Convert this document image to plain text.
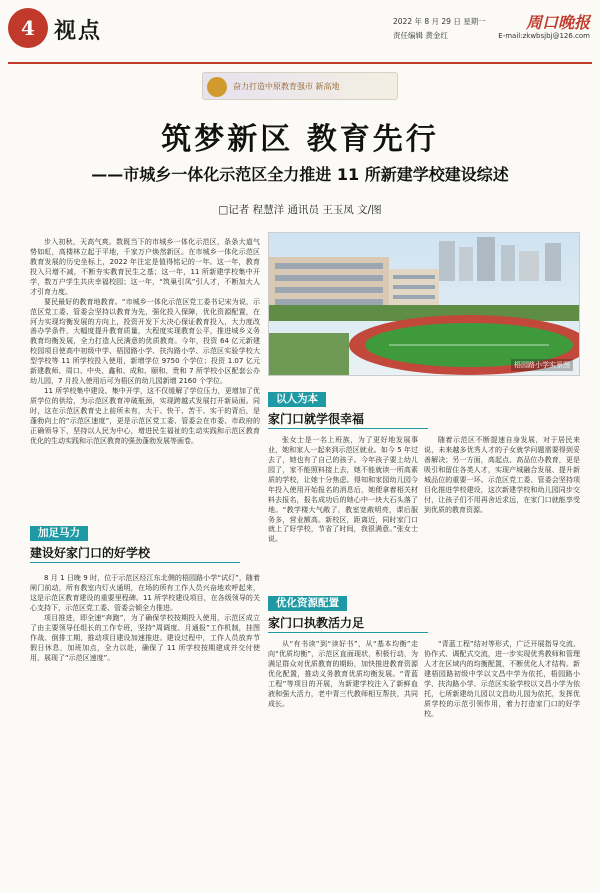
4 视点	2022 年 8 月 29 日 星期一
责任编辑 黄金红
周口晚报
E-mail:zkwbsjbj@126.com
奋力打造中原教育强市 新高地
筑梦新区 教育先行
——市城乡一体化示范区全力推进 11 所新建学校建设综述
□记者 程慧洋 通讯员 王玉凤 文/图

步入初秋，天高气爽。数既当下的市城乡一体化示范区，条条大道气势如虹，高楼林立起于平地，千家万户焕然新区。在市城乡一体化示范区教育发展的历史坐标上，2022 年注定是值得铭记的一年。这一年，教育投入只增不减，不断夯实教育民生之基；这一年，11 所新建学校集中开学，数万户学生共庆幸福校园；这一年，“筑巢引凤”引人才，不断加大人才引育力度。

要民最好的教育地教育。“市城乡一体化示范区党工委书记宋为说，示范区党工委、管委会坚持以教育为先，强化投入保障，优化资源配置，在河力实现均衡发展的方向上，投资开发下大决心保证教育投入，大力度改善办学条件，大幅度提升教育质量，大程度实现教育公平，推进城乡义务教育均衡发展，全力打造人民满意的优质教育。今年，投资 64 亿元新建校园项目使高中初级中学、梧园路小学、扶沟路小学、示范区实验学校大型学校等 11 所学校投入使用，新增学位 9750 个学位；投资 1.07 亿元新建教师、周口、中央、鑫和、成和、颐和、贵和 7 所学校小区配套公办幼儿园，7 月投入使用后可为梧区的幼儿园新增 2160 个学位。

11 所学校集中建设、集中开学，这不仅缓解了学位压力，更增加了优质学位的供给，为示范区教育冲破瓶颈，实现跨越式发展打开新局面。同时，这在示范区教育史上前所未有，大干、快干、苦干、实干的背后，是蓬勃向上的“示范区速度”，更是示范区党工委、管委会在市委、市政府的正确领导下，坚持以人民为中心，增进民生福祉的生动实践和示范区教育优化的生动实践和示范区教育的强劲蓬勃发展等画卷。

梧园路小学实景图
以人为本
家门口就学很幸福

张女士是一名上班族，为了更好地发展事业，她和家人一起来到示范区就业。如今 5 年过去了，她也有了自己的孩子。今年孩子要上幼儿园了，家不能照料接上去，她不能就读一所高素质的学校，让她十分焦虑。得知和家园幼儿园今年投入使用开始报名的消息后，她便拿着相关材料去报名，报名成功后的她心中一块大石头落了地。“教学楼大气敞了，教室宽敞明亮，课后服务多，营业额高。新校区，距离近，同时家门口就上了好学校，节省了时间，我很满意。”张女士说。

随着示范区不断提速自身发展，对于居民来说，未来越多优秀人才的子女就学问题需要得到妥善解决；另一方面，高起点、高品位办教育，更是吸引和留住各类人才，实现产城融合发展、提升新城品位的重要一环。示范区党工委、管委会坚持项目化推进学校建设，这次新建学校和幼儿园同步交付，让孩子们不用再舍近求远，在家门口就能享受到优质的教育资源。

加足马力
建设好家门口的好学校

8 月 1 日晚 9 时，位于示范区经江东北侧的梧园路小学“试灯”，随着闸门前动，所有教室内灯火通明，在场的所有工作人员兴奋地欢呼起来，这是示范区教育建设的重要里程碑。11 所学校建设项目，在各级领导的关心支持下，示范区党工委、管委会倾全力推进。

项目推进，即全速“奔跑”，为了确保学校按期投入使用，示范区成立了由主要领导任组长的工作专班，坚持“周调度、月通报”工作机制，挂图作战、倒排工期，推动项目建设加速推进。建设过程中，工作人员放弃节假日休息，加班加点，全力以赴，确保了 11 所学校按期建成并交付使用，展现了“示范区速度”。

优化资源配置
家门口执教活力足

从“有书读”到“读好书”，从“基本均衡”走向“优质均衡”，示范区直面现状，积极行动，为满足群众对优质教育的期盼，加快推进教育资源优化配置，推动义务教育优质均衡发展。“青蓝工程”等项目的开展，为新建学校注入了新鲜血液和强大活力，老中青三代教师相互帮扶，共同成长。

“青蓝工程”结对等形式，广泛开展指导交流、协作式、调配式交流，进一步实现优秀教师和管理人才在区域内的均衡配置，不断优化人才结构。新建梧园路初级中学以文昌中学为依托，梧园路小学、扶沟路小学、示范区实验学校以文昌小学为依托，七所新建幼儿园以文昌幼儿园为依托，发挥优质学校的示范引领作用，着力打造家门口的好学校。
